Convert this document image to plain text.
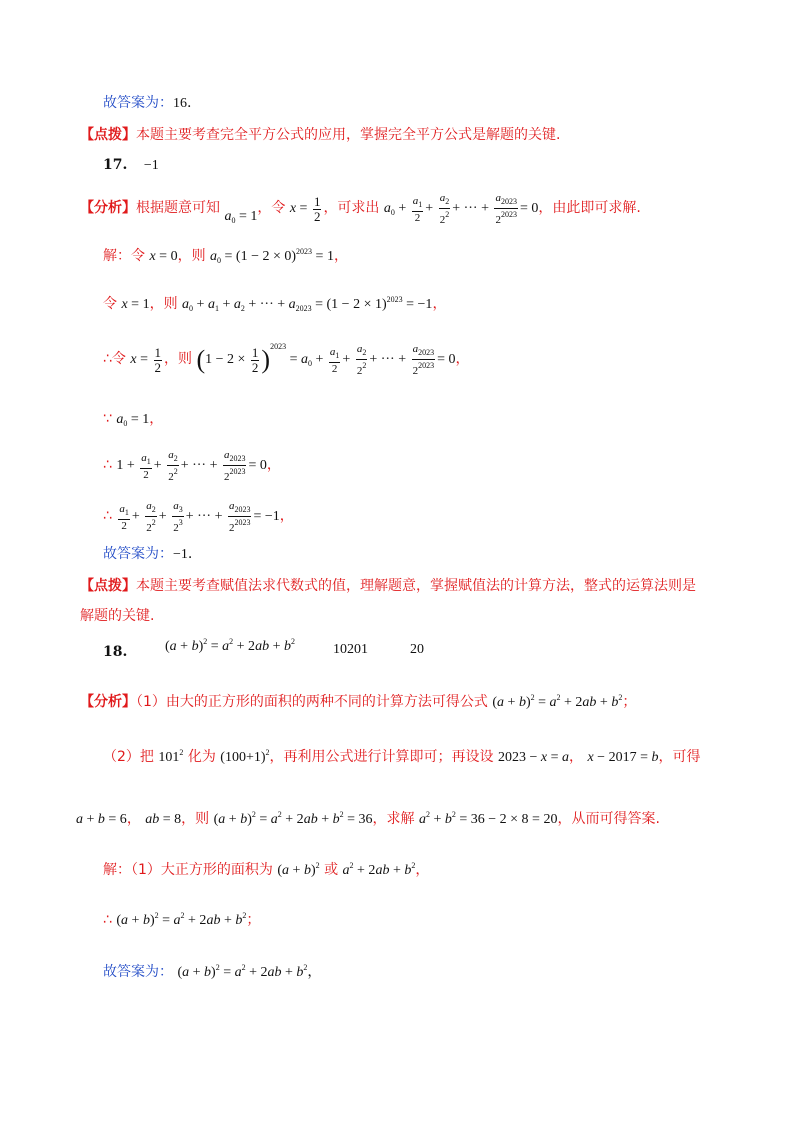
故答案为：16.
【点拨】本题主要考查完全平方公式的应用，掌握完全平方公式是解题的关键.
17. −1
【分析】根据题意可知 $a_0 = 1$，令 $x = \frac{1}{2}$ ，可求出 $a_0 + \frac{a_1}{2} + \frac{a_2}{2^2}$ + ··· + $\frac{a_{2023}}{2^{2023}} = 0$，由此即可求解.
解：令 x = 0，则 $a_0 = (1 - 2 \times 0)^{2023} = 1$，
令 x = 1，则 $a_0 + a_1 + a_2$ + ··· + $a_{2023} = (1 - 2 \times 1)^{2023} = -1$，
∴令 $x = \frac{1}{2}$ ，则 $(1 - 2 \times \frac{1}{2} )^{2023} = a_0 + \frac{a_1}{2} + \frac{a_2}{2^2}$ + ··· + $\frac{a_{2023}}{2^{2023}} = 0$，
∵ $a_0 = 1$，
∴ $1 + \frac{a_1}{2} + \frac{a_2}{2^2}$ + ··· + $\frac{a_{2023}}{2^{2023}} = 0$，
∴ $\frac{a_1}{2} + \frac{a_2}{2^2} + \frac{a_3}{2^3}$ + ··· + $\frac{a_{2023}}{2^{2023}} = -1$，
故答案为：−1.
【点拨】本题主要考查赋值法求代数式的值，理解题意，掌握赋值法的计算方法，整式的运算法则是
解题的关键.
18.	$(a + b)^2 = a^2 + 2ab + b^2$
10201	20
【分析】（1）由大的正方形的面积的两种不同的计算方法可得公式 $(a + b)^2 = a^2 + 2ab + b^2$；
（2）把 $101^2$ 化为 $(100+1)^2$，再利用公式进行计算即可；再设设 2023 − x = a， x − 2017 = b，可得
a + b = 6， ab = 8，则 $(a + b)^2 = a^2 + 2ab + b^2 = 36$，求解 $a^2 + b^2 = 36 - 2 \times 8 = 20$，从而可得答案.
解：（1）大正方形的面积为 $(a + b)^2$ 或 $a^2 + 2ab + b^2$，
∴ $(a + b)^2 = a^2 + 2ab + b^2$；
故答案为： $(a + b)^2 = a^2 + 2ab + b^2$，
